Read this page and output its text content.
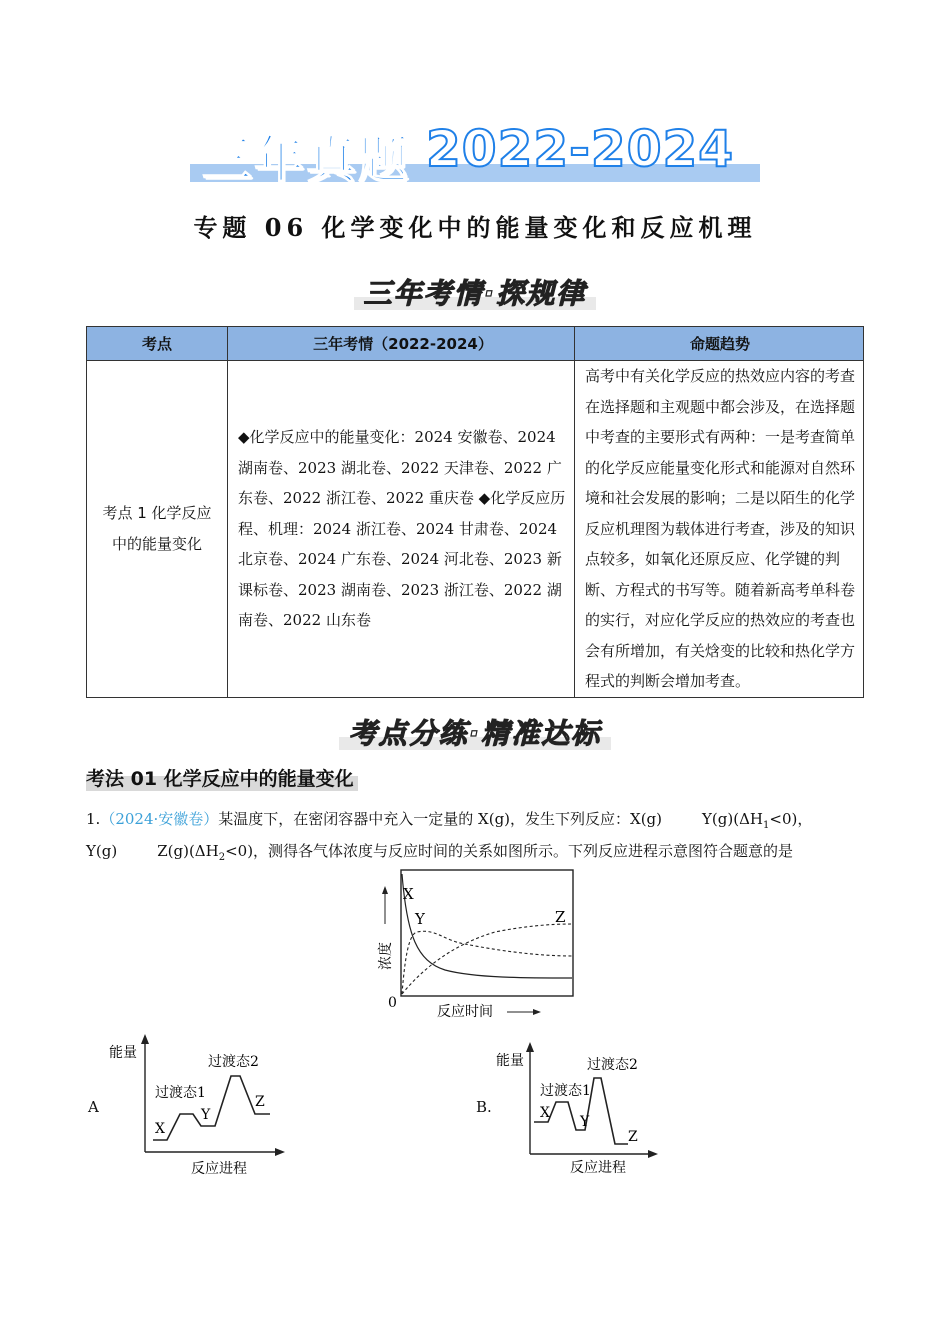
三年真题 2022-2024
专题 06 化学变化中的能量变化和反应机理
三年考情·探规律
考点	三年考情（2022-2024）	命题趋势
考点 1 化学反应中的能量变化	◆化学反应中的能量变化：2024 安徽卷、2024 湖南卷、2023 湖北卷、2022 天津卷、2022 广东卷、2022 浙江卷、2022 重庆卷 ◆化学反应历程、机理：2024 浙江卷、2024 甘肃卷、2024 北京卷、2024 广东卷、2024 河北卷、2023 新课标卷、2023 湖南卷、2023 浙江卷、2022 湖南卷、2022 山东卷	高考中有关化学反应的热效应内容的考查在选择题和主观题中都会涉及，在选择题中考查的主要形式有两种：一是考查简单的化学反应能量变化形式和能源对自然环境和社会发展的影响；二是以陌生的化学反应机理图为载体进行考查，涉及的知识点较多，如氧化还原反应、化学键的判断、方程式的书写等。随着新高考单科卷的实行，对应化学反应的热效应的考查也会有所增加，有关焓变的比较和热化学方程式的判断会增加考查。
考点分练·精准达标
考法 01 化学反应中的能量变化
1.（2024·安徽卷）某温度下，在密闭容器中充入一定量的 X(g)，发生下列反应：X(g)	$Y(g)(\Delta H_1<0)$，
Y(g)	$Z(g)(\Delta H_2<0)$，测得各气体浓度与反应时间的关系如图所示。下列反应进程示意图符合题意的是
X
Y	Z
0
浓度
反应时间
A
能量
反应进程
过渡态1
过渡态2
X
Y
Z	B.
能量
反应进程
过渡态1
过渡态2
X
Y
Z
